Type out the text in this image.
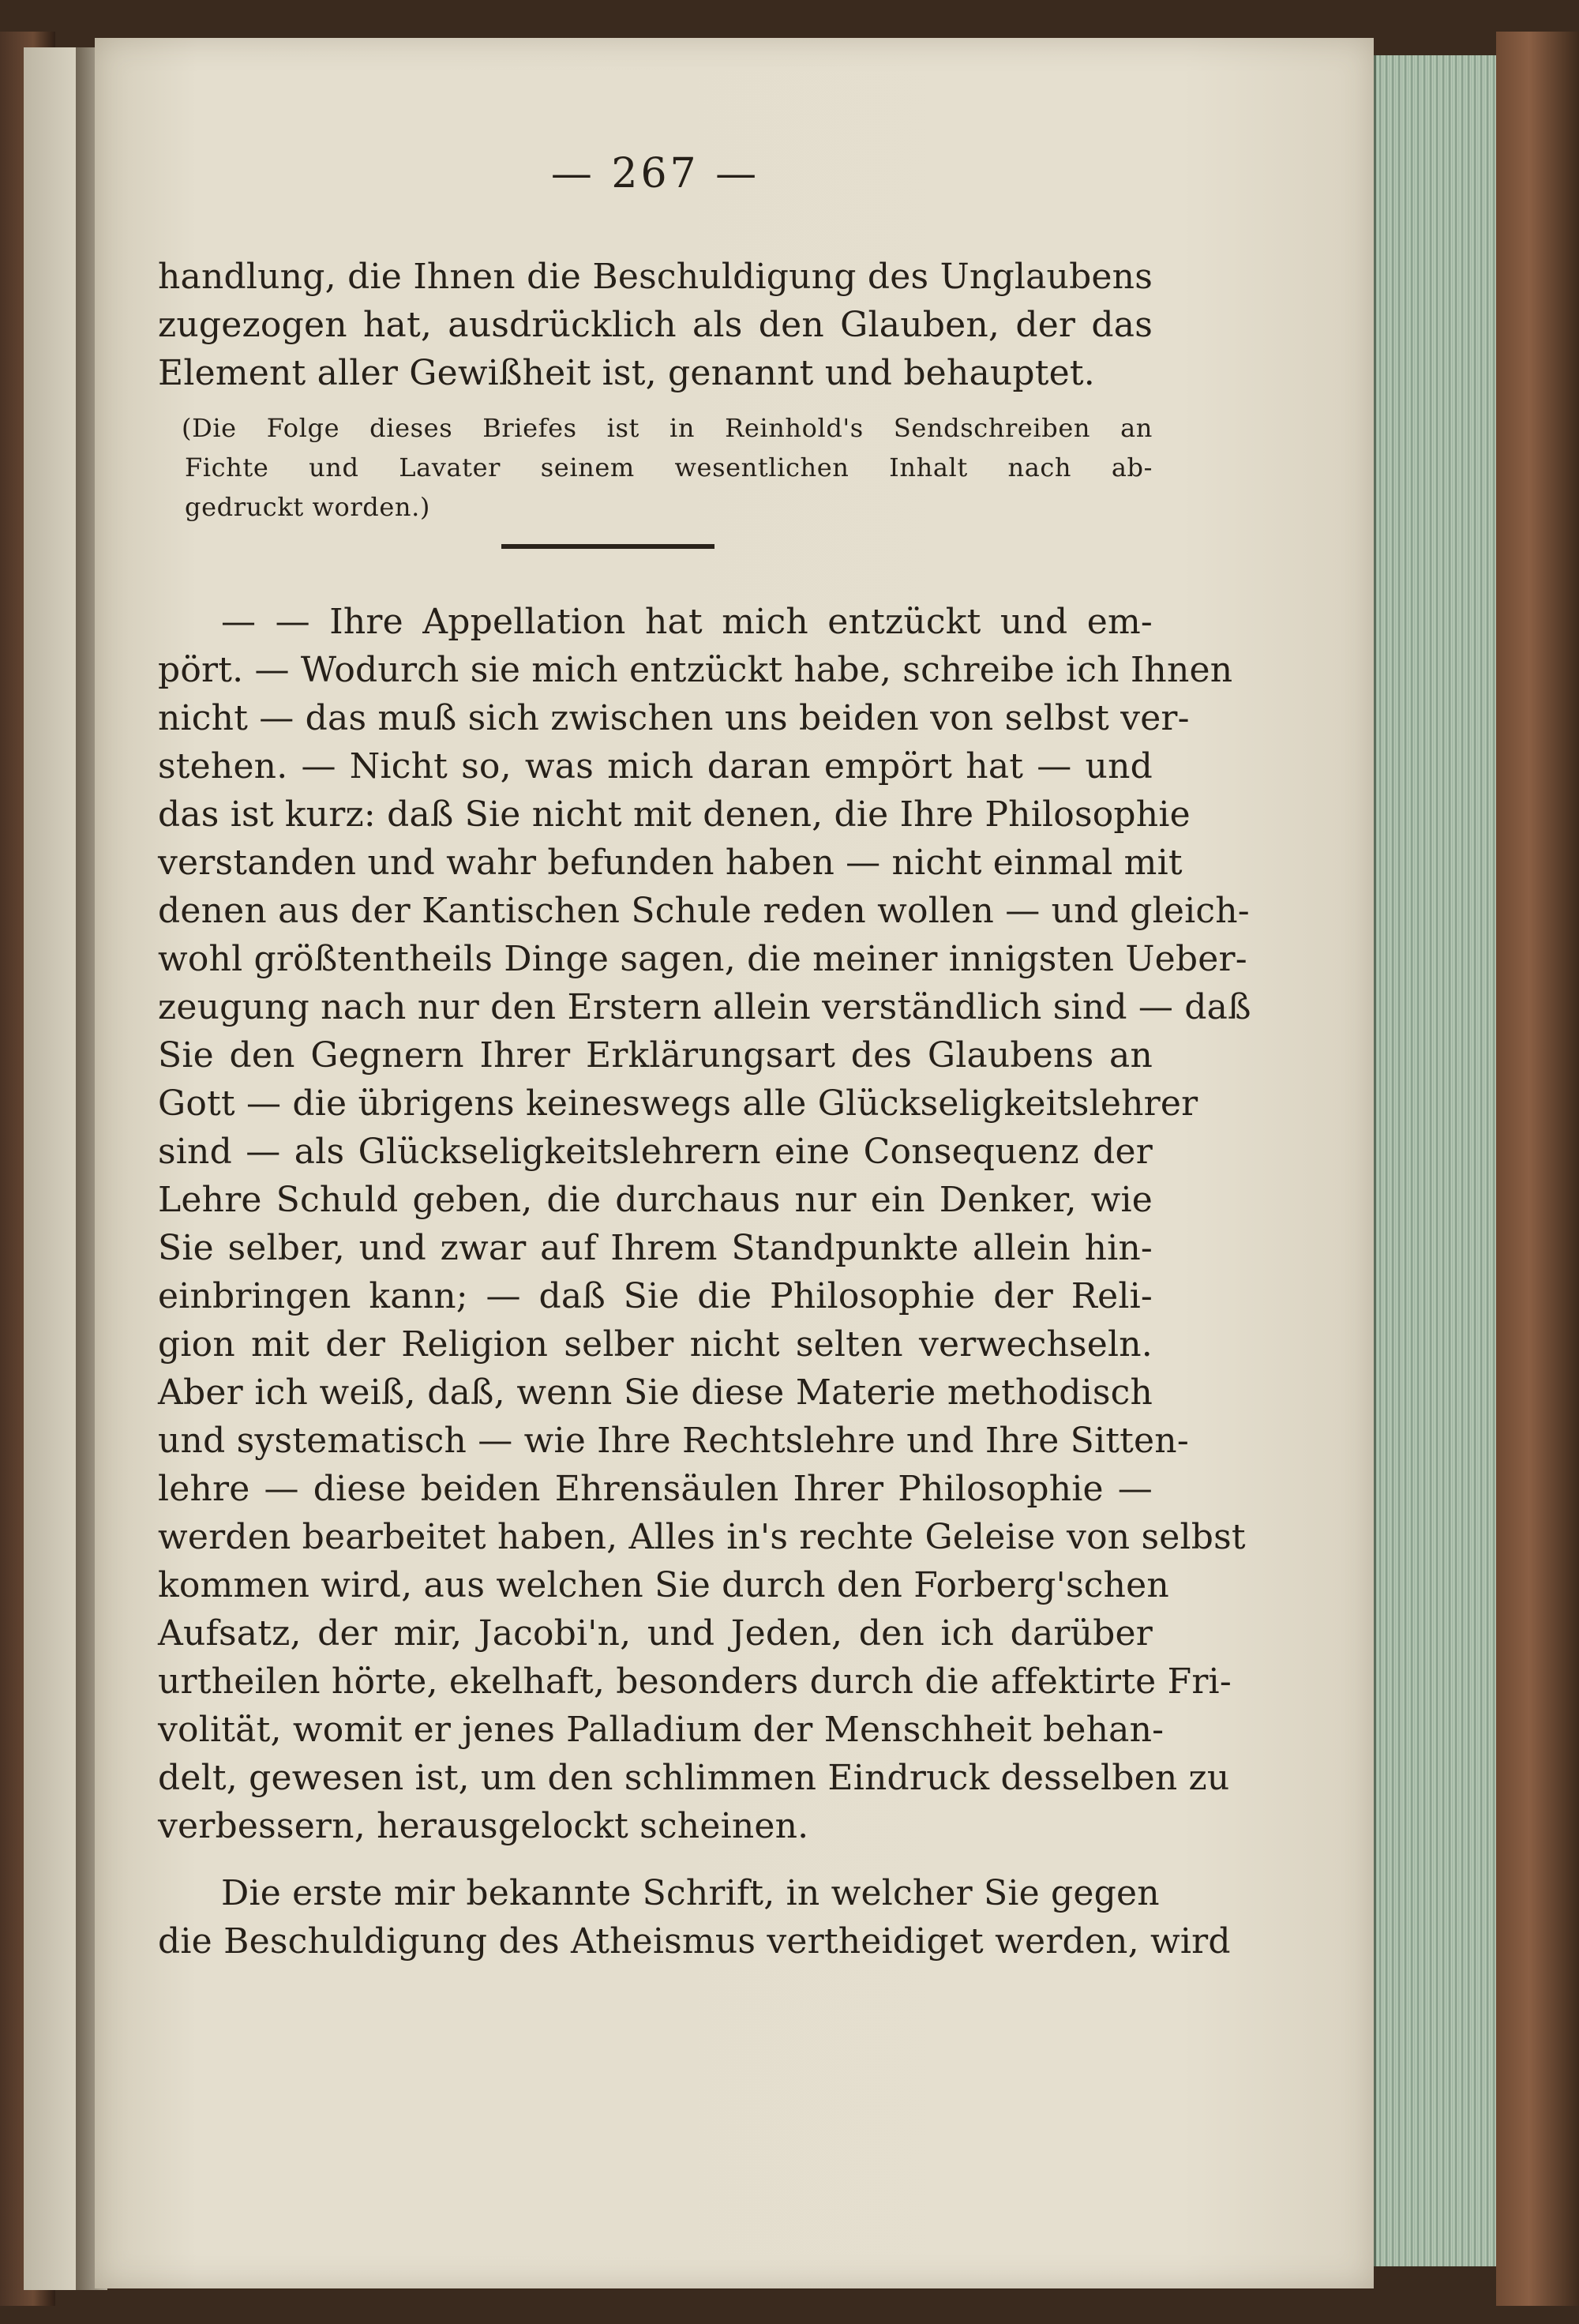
— 267 —
handlung, die Ihnen die Beschuldigung des Unglaubens
zugezogen hat, ausdrücklich als den Glauben, der das
Element aller Gewißheit ist, genannt und behauptet.
(Die Folge dieses Briefes ist in Reinhold's Sendschreiben an
Fichte und Lavater seinem wesentlichen Inhalt nach ab-
gedruckt worden.)
— — Ihre Appellation hat mich entzückt und em-
pört. — Wodurch sie mich entzückt habe, schreibe ich Ihnen
nicht — das muß sich zwischen uns beiden von selbst ver-
stehen. — Nicht so, was mich daran empört hat — und
das ist kurz: daß Sie nicht mit denen, die Ihre Philosophie
verstanden und wahr befunden haben — nicht einmal mit
denen aus der Kantischen Schule reden wollen — und gleich-
wohl größtentheils Dinge sagen, die meiner innigsten Ueber-
zeugung nach nur den Erstern allein verständlich sind — daß
Sie den Gegnern Ihrer Erklärungsart des Glaubens an
Gott — die übrigens keineswegs alle Glückseligkeitslehrer
sind — als Glückseligkeitslehrern eine Consequenz der
Lehre Schuld geben, die durchaus nur ein Denker, wie
Sie selber, und zwar auf Ihrem Standpunkte allein hin-
einbringen kann; — daß Sie die Philosophie der Reli-
gion mit der Religion selber nicht selten verwechseln.
Aber ich weiß, daß, wenn Sie diese Materie methodisch
und systematisch — wie Ihre Rechtslehre und Ihre Sitten-
lehre — diese beiden Ehrensäulen Ihrer Philosophie —
werden bearbeitet haben, Alles in's rechte Geleise von selbst
kommen wird, aus welchen Sie durch den Forberg'schen
Aufsatz, der mir, Jacobi'n, und Jeden, den ich darüber
urtheilen hörte, ekelhaft, besonders durch die affektirte Fri-
volität, womit er jenes Palladium der Menschheit behan-
delt, gewesen ist, um den schlimmen Eindruck desselben zu
verbessern, herausgelockt scheinen.
Die erste mir bekannte Schrift, in welcher Sie gegen
die Beschuldigung des Atheismus vertheidiget werden, wird
